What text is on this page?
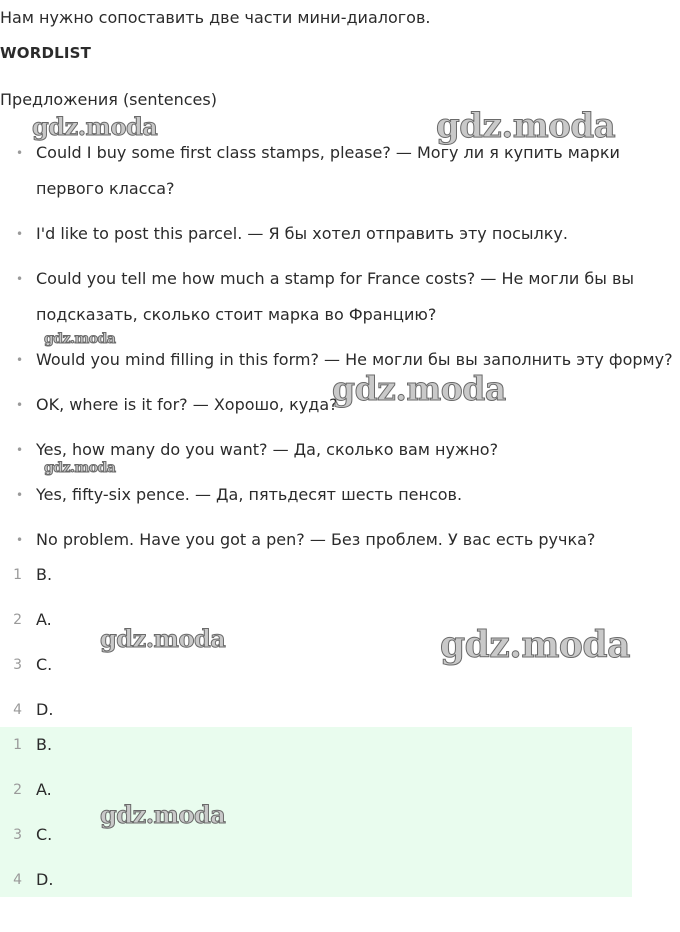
Нам нужно сопоставить две части мини-диалогов.
WORDLIST
Предложения (sentences)
• Could I buy some first class stamps, please? — Могу ли я купить марки
первого класса?
• I'd like to post this parcel. — Я бы хотел отправить эту посылку.
• Could you tell me how much a stamp for France costs? — Не могли бы вы
подсказать, сколько стоит марка во Францию?
• Would you mind filling in this form? — Не могли бы вы заполнить эту форму?
• OK, where is it for? — Хорошо, куда?
• Yes, how many do you want? — Да, сколько вам нужно?
• Yes, fifty-six pence. — Да, пятьдесят шесть пенсов.
• No problem. Have you got a pen? — Без проблем. У вас есть ручка?
1 B.
2 A.
3 C.
4 D.
1 B.
2 A.
3 C.
4 D.
gdz.moda	gdz.moda
gdz.moda
gdz.moda
gdz.moda
gdz.moda	gdz.moda
gdz.moda
